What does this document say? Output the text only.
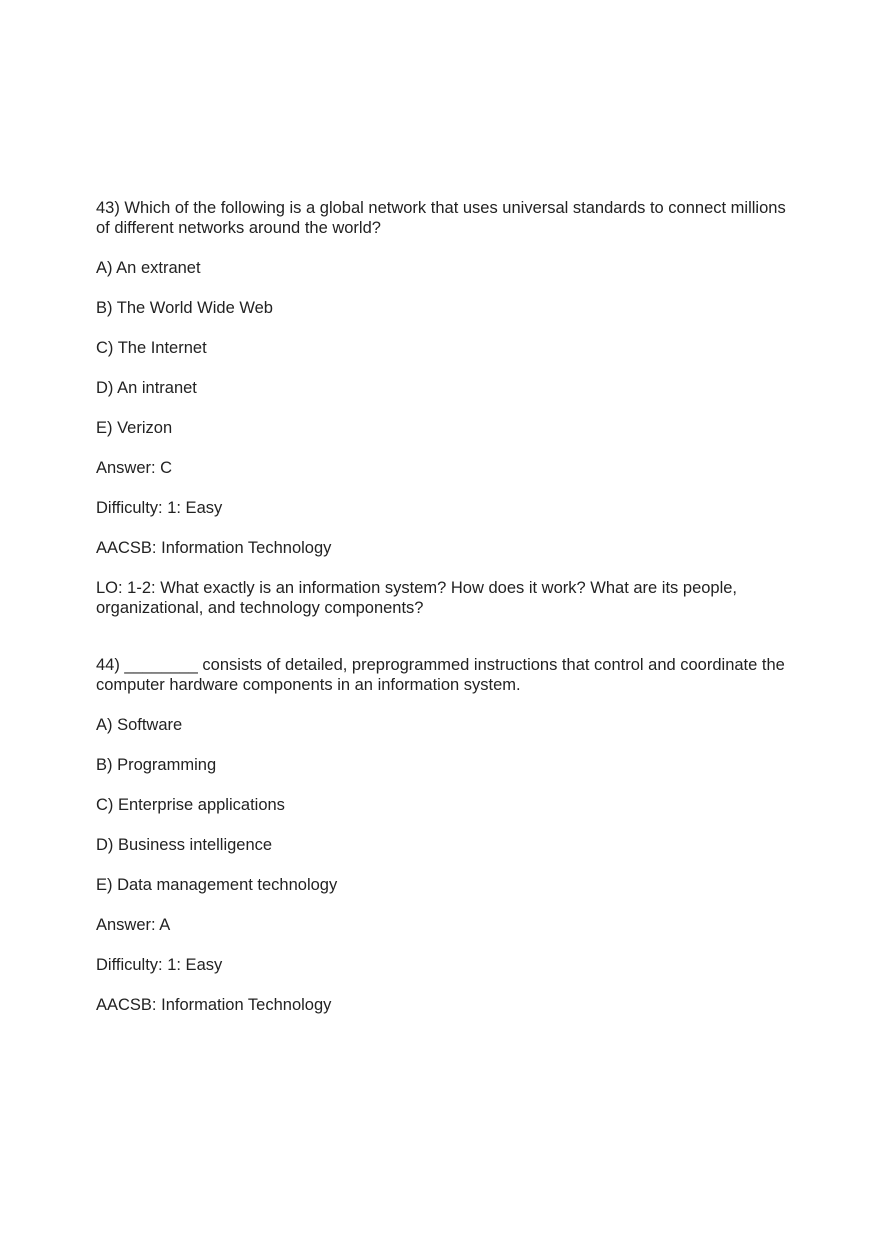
43) Which of the following is a global network that uses universal standards to connect millions of different networks around the world?

A) An extranet

B) The World Wide Web

C) The Internet

D) An intranet

E) Verizon

Answer: C

Difficulty: 1: Easy

AACSB: Information Technology

LO: 1-2: What exactly is an information system? How does it work? What are its people, organizational, and technology components?

44) ________ consists of detailed, preprogrammed instructions that control and coordinate the computer hardware components in an information system.

A) Software

B) Programming

C) Enterprise applications

D) Business intelligence

E) Data management technology

Answer: A

Difficulty: 1: Easy

AACSB: Information Technology
